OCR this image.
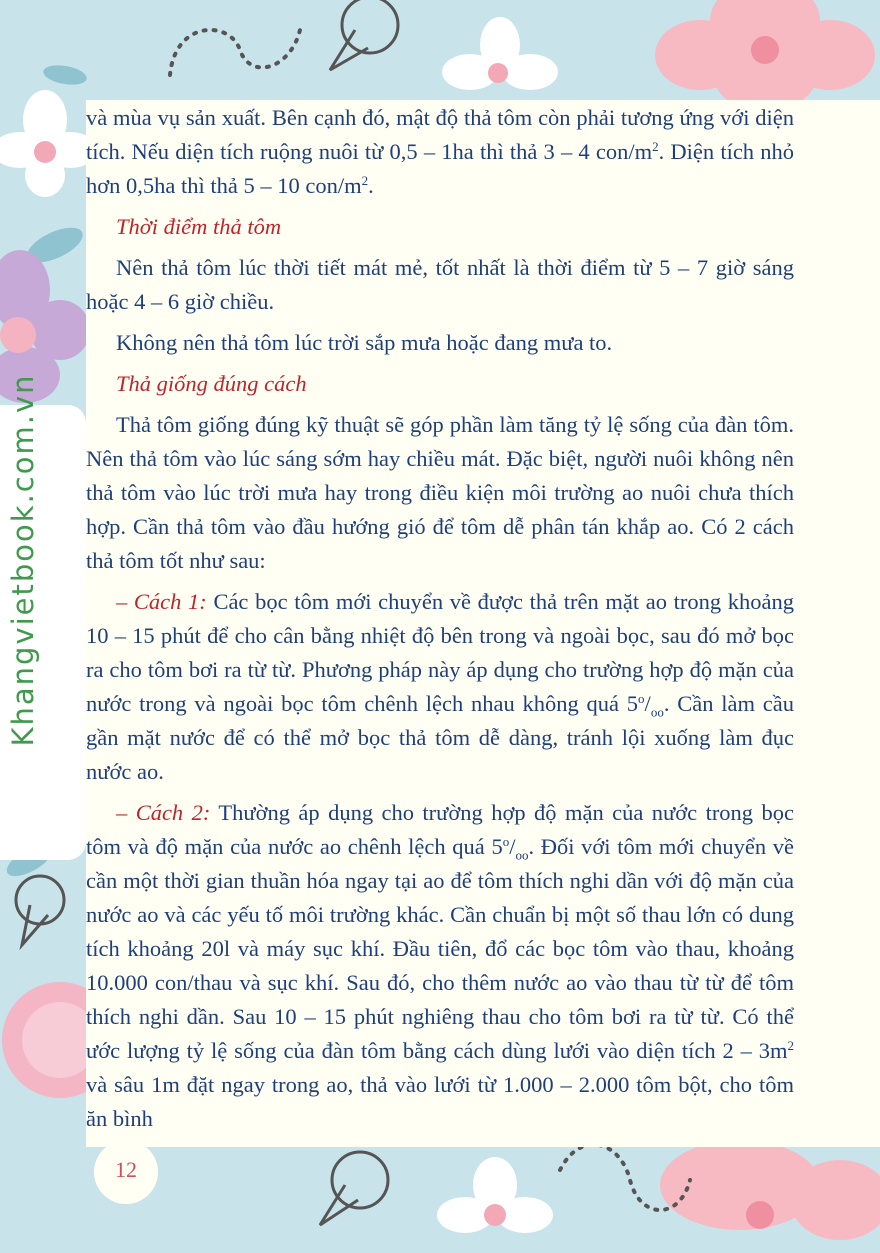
Khangvietbook.com.vn

và mùa vụ sản xuất. Bên cạnh đó, mật độ thả tôm còn phải tương ứng với diện tích. Nếu diện tích ruộng nuôi từ 0,5 – 1ha thì thả 3 – 4 con/$m^2$. Diện tích nhỏ hơn 0,5ha thì thả 5 – 10 con/$m^2$.

Thời điểm thả tôm

Nên thả tôm lúc thời tiết mát mẻ, tốt nhất là thời điểm từ 5 – 7 giờ sáng hoặc 4 – 6 giờ chiều.

Không nên thả tôm lúc trời sắp mưa hoặc đang mưa to.

Thả giống đúng cách

Thả tôm giống đúng kỹ thuật sẽ góp phần làm tăng tỷ lệ sống của đàn tôm. Nên thả tôm vào lúc sáng sớm hay chiều mát. Đặc biệt, người nuôi không nên thả tôm vào lúc trời mưa hay trong điều kiện môi trường ao nuôi chưa thích hợp. Cần thả tôm vào đầu hướng gió để tôm dễ phân tán khắp ao. Có 2 cách thả tôm tốt như sau:

– Cách 1: Các bọc tôm mới chuyển về được thả trên mặt ao trong khoảng 10 – 15 phút để cho cân bằng nhiệt độ bên trong và ngoài bọc, sau đó mở bọc ra cho tôm bơi ra từ từ. Phương pháp này áp dụng cho trường hợp độ mặn của nước trong và ngoài bọc tôm chênh lệch nhau không quá $5^o/_{oo}$. Cần làm cầu gần mặt nước để có thể mở bọc thả tôm dễ dàng, tránh lội xuống làm đục nước ao.

– Cách 2: Thường áp dụng cho trường hợp độ mặn của nước trong bọc tôm và độ mặn của nước ao chênh lệch quá $5^o/_{oo}$. Đối với tôm mới chuyển về cần một thời gian thuần hóa ngay tại ao để tôm thích nghi dần với độ mặn của nước ao và các yếu tố môi trường khác. Cần chuẩn bị một số thau lớn có dung tích khoảng 20l và máy sục khí. Đầu tiên, đổ các bọc tôm vào thau, khoảng 10.000 con/thau và sục khí. Sau đó, cho thêm nước ao vào thau từ từ để tôm thích nghi dần. Sau 10 – 15 phút nghiêng thau cho tôm bơi ra từ từ. Có thể ước lượng tỷ lệ sống của đàn tôm bằng cách dùng lưới vào diện tích $2 - 3m^2$ và sâu 1m đặt ngay trong ao, thả vào lưới từ 1.000 – 2.000 tôm bột, cho tôm ăn bình

12
